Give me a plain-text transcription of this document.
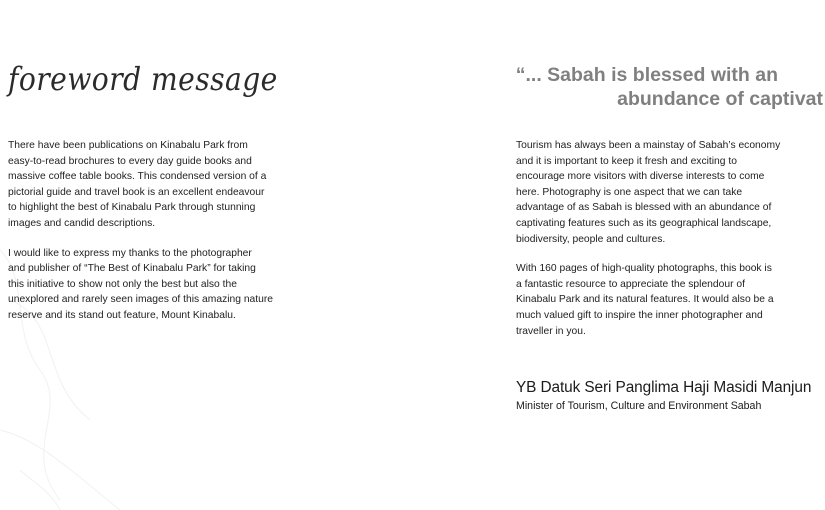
foreword message

There have been publications on Kinabalu Park from
easy-to-read brochures to every day guide books and
massive coffee table books. This condensed version of a
pictorial guide and travel book is an excellent endeavour
to highlight the best of Kinabalu Park through stunning
images and candid descriptions.

I would like to express my thanks to the photographer
and publisher of “The Best of Kinabalu Park” for taking
this initiative to show not only the best but also the
unexplored and rarely seen images of this amazing nature
reserve and its stand out feature, Mount Kinabalu.

“... Sabah is blessed with an
abundance of captivat

Tourism has always been a mainstay of Sabah’s economy
and it is important to keep it fresh and exciting to
encourage more visitors with diverse interests to come
here. Photography is one aspect that we can take
advantage of as Sabah is blessed with an abundance of
captivating features such as its geographical landscape,
biodiversity, people and cultures.

With 160 pages of high-quality photographs, this book is
a fantastic resource to appreciate the splendour of
Kinabalu Park and its natural features. It would also be a
much valued gift to inspire the inner photographer and
traveller in you.

YB Datuk Seri Panglima Haji Masidi Manjun

Minister of Tourism, Culture and Environment Sabah
